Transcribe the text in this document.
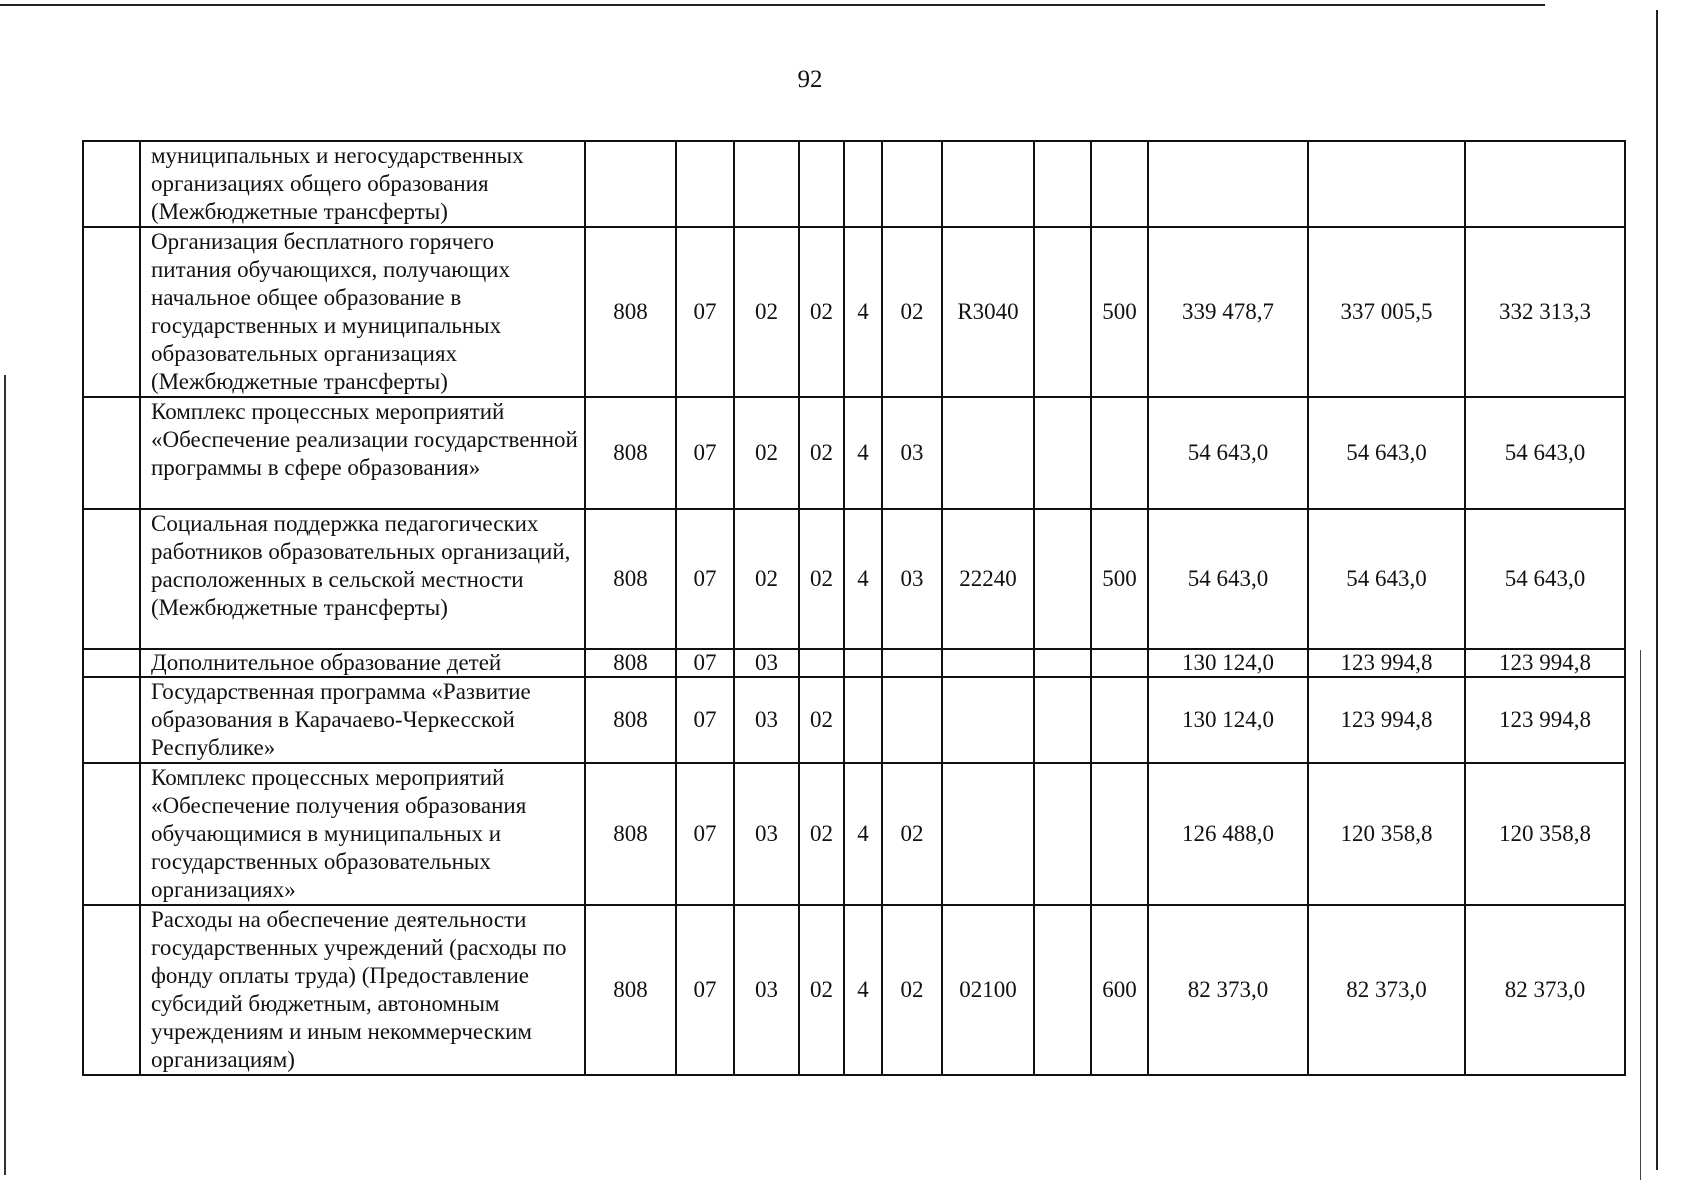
92
	муниципальных и негосударственных организациях общего образования (Межбюджетные трансферты)												
	Организация бесплатного горячего питания обучающихся, получающих начальное общее образование в государственных и муниципальных образовательных организациях (Межбюджетные трансферты)	808	07	02	02	4	02	R3040		500	339 478,7	337 005,5	332 313,3
	Комплекс процессных мероприятий «Обеспечение реализации государственной программы в сфере образования»	808	07	02	02	4	03				54 643,0	54 643,0	54 643,0
	Социальная поддержка педагогических работников образовательных организаций, расположенных в сельской местности (Межбюджетные трансферты)	808	07	02	02	4	03	22240		500	54 643,0	54 643,0	54 643,0
	Дополнительное образование детей	808	07	03							130 124,0	123 994,8	123 994,8
	Государственная программа «Развитие образования в Карачаево-Черкесской Республике»	808	07	03	02						130 124,0	123 994,8	123 994,8
	Комплекс процессных мероприятий «Обеспечение получения образования обучающимися в муниципальных и государственных образовательных организациях»	808	07	03	02	4	02				126 488,0	120 358,8	120 358,8
	Расходы на обеспечение деятельности государственных учреждений (расходы по фонду оплаты труда) (Предоставление субсидий бюджетным, автономным учреждениям и иным некоммерческим организациям)	808	07	03	02	4	02	02100		600	82 373,0	82 373,0	82 373,0
